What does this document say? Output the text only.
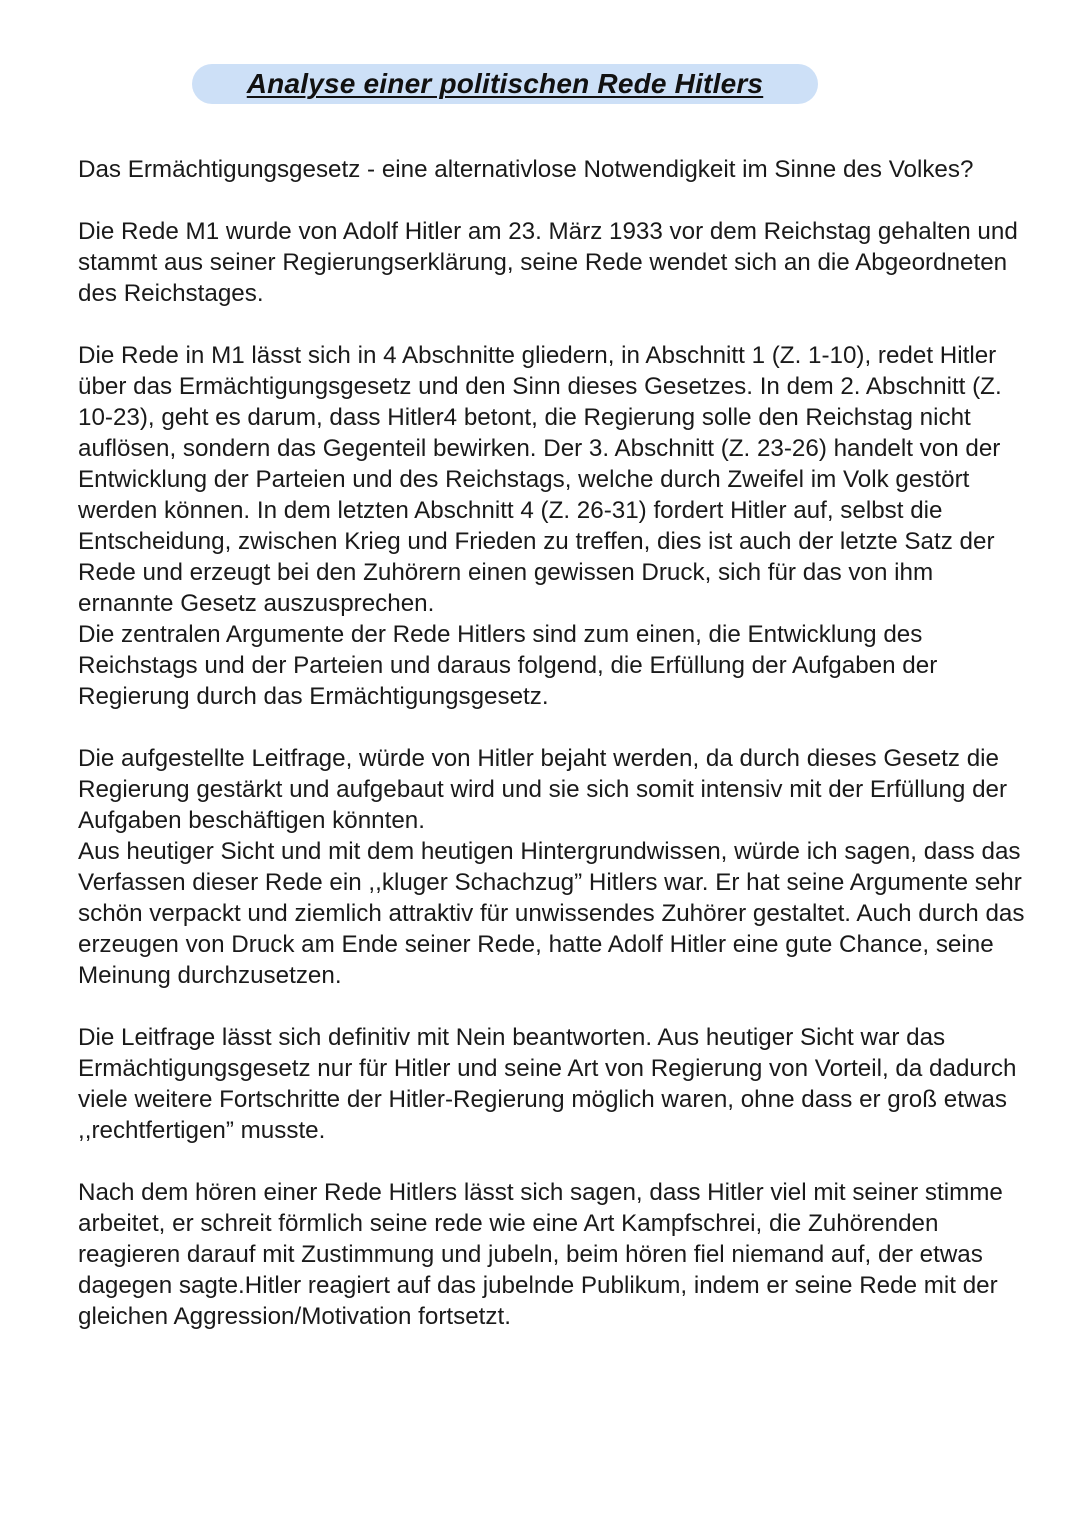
Analyse einer politischen Rede Hitlers

Das Ermächtigungsgesetz - eine alternativlose Notwendigkeit im Sinne des Volkes?

Die Rede M1 wurde von Adolf Hitler am 23. März 1933 vor dem Reichstag gehalten und stammt aus seiner Regierungserklärung, seine Rede wendet sich an die Abgeordneten des Reichstages.

Die Rede in M1 lässt sich in 4 Abschnitte gliedern, in Abschnitt 1 (Z. 1-10), redet Hitler über das Ermächtigungsgesetz und den Sinn dieses Gesetzes. In dem 2. Abschnitt (Z. 10-23), geht es darum, dass Hitler4 betont, die Regierung solle den Reichstag nicht auflösen, sondern das Gegenteil bewirken. Der 3. Abschnitt (Z. 23-26) handelt von der Entwicklung der Parteien und des Reichstags, welche durch Zweifel im Volk gestört werden können. In dem letzten Abschnitt 4 (Z. 26-31) fordert Hitler auf, selbst die Entscheidung, zwischen Krieg und Frieden zu treffen, dies ist auch der letzte Satz der Rede und erzeugt bei den Zuhörern einen gewissen Druck, sich für das von ihm ernannte Gesetz auszusprechen.

Die zentralen Argumente der Rede Hitlers sind zum einen, die Entwicklung des Reichstags und der Parteien und daraus folgend, die Erfüllung der Aufgaben der Regierung durch das Ermächtigungsgesetz.

Die aufgestellte Leitfrage, würde von Hitler bejaht werden, da durch dieses Gesetz die Regierung gestärkt und aufgebaut wird und sie sich somit intensiv mit der Erfüllung der Aufgaben beschäftigen könnten.

Aus heutiger Sicht und mit dem heutigen Hintergrundwissen, würde ich sagen, dass das Verfassen dieser Rede ein ,,kluger Schachzug” Hitlers war. Er hat seine Argumente sehr schön verpackt und ziemlich attraktiv für unwissendes Zuhörer gestaltet. Auch durch das erzeugen von Druck am Ende seiner Rede, hatte Adolf Hitler eine gute Chance, seine Meinung durchzusetzen.

Die Leitfrage lässt sich definitiv mit Nein beantworten. Aus heutiger Sicht war das Ermächtigungsgesetz nur für Hitler und seine Art von Regierung von Vorteil, da dadurch viele weitere Fortschritte der Hitler-Regierung möglich waren, ohne dass er groß etwas ,,rechtfertigen” musste.

Nach dem hören einer Rede Hitlers lässt sich sagen, dass Hitler viel mit seiner stimme arbeitet, er schreit förmlich seine rede wie eine Art Kampfschrei, die Zuhörenden reagieren darauf mit Zustimmung und jubeln, beim hören fiel niemand auf, der etwas dagegen sagte.Hitler reagiert auf das jubelnde Publikum, indem er seine Rede mit der gleichen Aggression/Motivation fortsetzt.
